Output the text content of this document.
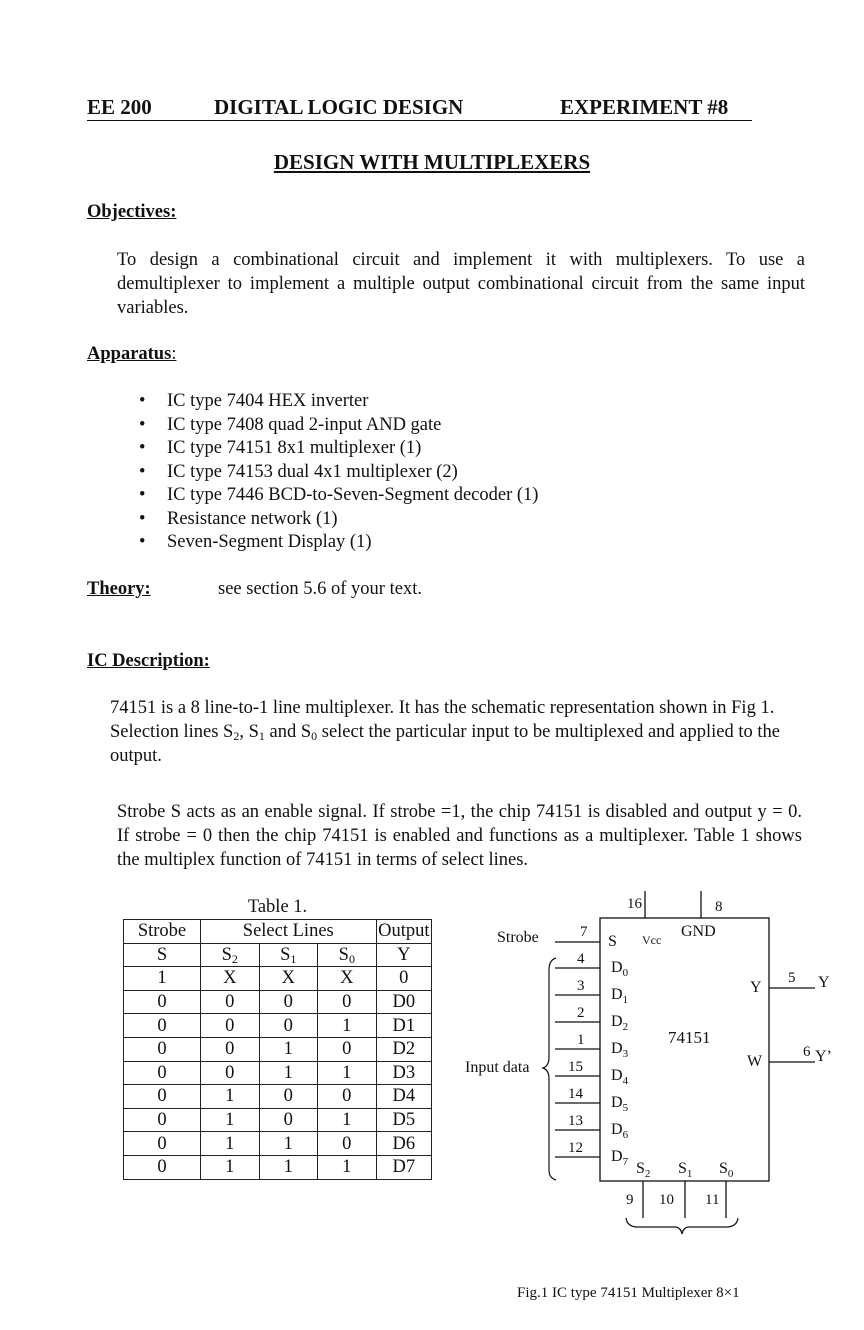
EE 200	DIGITAL LOGIC DESIGN	EXPERIMENT #8
DESIGN WITH MULTIPLEXERS
Objectives:
To design a combinational circuit and implement it with multiplexers. To use a demultiplexer to implement a multiple output combinational circuit from the same input variables.
Apparatus:
• IC type 7404 HEX inverter
• IC type 7408 quad 2-input AND gate
• IC type 74151 8x1 multiplexer (1)
• IC type 74153 dual 4x1 multiplexer (2)
• IC type 7446 BCD-to-Seven-Segment decoder (1)
• Resistance network (1)
• Seven-Segment Display (1)
Theory:	see section 5.6 of your text.
IC Description:
74151 is a 8 line-to-1 line multiplexer. It has the schematic representation shown in Fig 1. Selection lines $S_2$, $S_1$ and $S_0$ select the particular input to be multiplexed and applied to the output.
Strobe S acts as an enable signal. If strobe =1, the chip 74151 is disabled and output y = 0. If strobe = 0 then the chip 74151 is enabled and functions as a multiplexer. Table 1 shows the multiplex function of 74151 in terms of select lines.
Table 1.
Strobe	Select Lines			Output
S	$S_2$	$S_1$	$S_0$	Y
1	X	X	X	0
0	0	0	0	D0
0	0	0	1	D1
0	0	1	0	D2
0	0	1	1	D3
0	1	0	0	D4
0	1	0	1	D5
0	1	1	0	D6
0	1	1	1	D7
74151
Strobe
Input data
Fig.1 IC type 74151 Multiplexer 8×1
7
S
4 $D_0$
3 $D_1$
2 $D_2$
1 $D_3$
15 $D_4$
14 $D_5$
13 $D_6$
12 $D_7$
16
Vcc
8
GND
Y
5 Y
W
6 Y’
$S_2$
9
$S_1$
10
$S_0$
11
